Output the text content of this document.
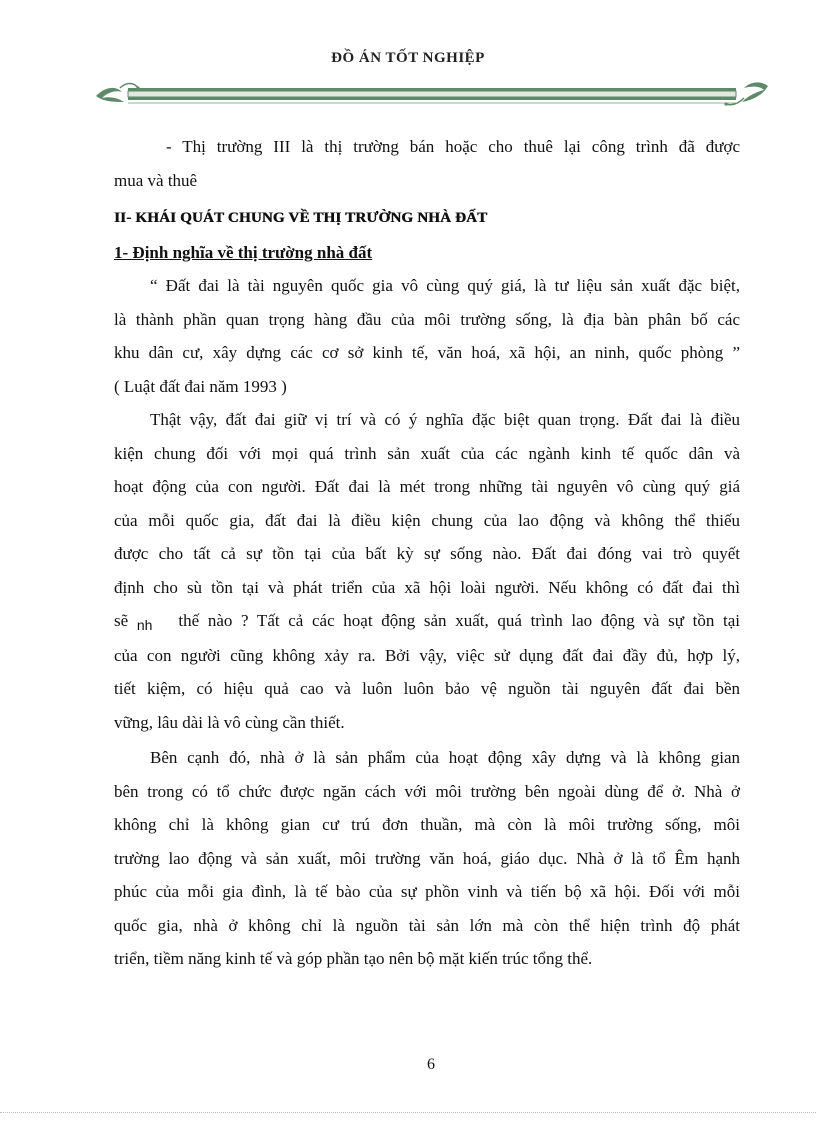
ĐỒ ÁN TỐT NGHIỆP

- Thị trường III là thị trường bán hoặc cho thuê lại công trình đã được

mua và thuê

II- KHÁI QUÁT CHUNG VỀ THỊ TRƯỜNG NHÀ ĐẤT

1- Định nghĩa về thị trường nhà đất

“ Đất đai là tài nguyên quốc gia vô cùng quý giá, là tư liệu sản xuất đặc biệt,

là thành phần quan trọng hàng đầu của môi trường sống, là địa bàn phân bố các

khu dân cư, xây dựng các cơ sở kinh tế, văn hoá, xã hội, an ninh, quốc phòng ”

( Luật đất đai năm 1993 )

Thật vậy, đất đai giữ vị trí và có ý nghĩa đặc biệt quan trọng. Đất đai là điều

kiện chung đối với mọi quá trình sản xuất của các ngành kinh tế quốc dân và

hoạt động của con người. Đất đai là mét trong những tài nguyên vô cùng quý giá

của mỗi quốc gia, đất đai là điều kiện chung của lao động và không thể thiếu

được cho tất cả sự tồn tại của bất kỳ sự sống nào. Đất đai đóng vai trò quyết

định cho sù tồn tại và phát triển của xã hội loài người. Nếu không có đất đai thì

sẽ $_{nh}$ thế nào ? Tất cả các hoạt động sản xuất, quá trình lao động và sự tồn tại

của con người cũng không xảy ra. Bởi vậy, việc sử dụng đất đai đầy đủ, hợp lý,

tiết kiệm, có hiệu quả cao và luôn luôn bảo vệ nguồn tài nguyên đất đai bền

vững, lâu dài là vô cùng cần thiết.

Bên cạnh đó, nhà ở là sản phẩm của hoạt động xây dựng và là không gian

bên trong có tổ chức được ngăn cách với môi trường bên ngoài dùng để ở. Nhà ở

không chỉ là không gian cư trú đơn thuần, mà còn là môi trường sống, môi

trường lao động và sản xuất, môi trường văn hoá, giáo dục. Nhà ở là tổ Êm hạnh

phúc của mỗi gia đình, là tế bào của sự phồn vinh và tiến bộ xã hội. Đối với mỗi

quốc gia, nhà ở không chỉ là nguồn tài sản lớn mà còn thể hiện trình độ phát

triển, tiềm năng kinh tế và góp phần tạo nên bộ mặt kiến trúc tổng thể.

6
